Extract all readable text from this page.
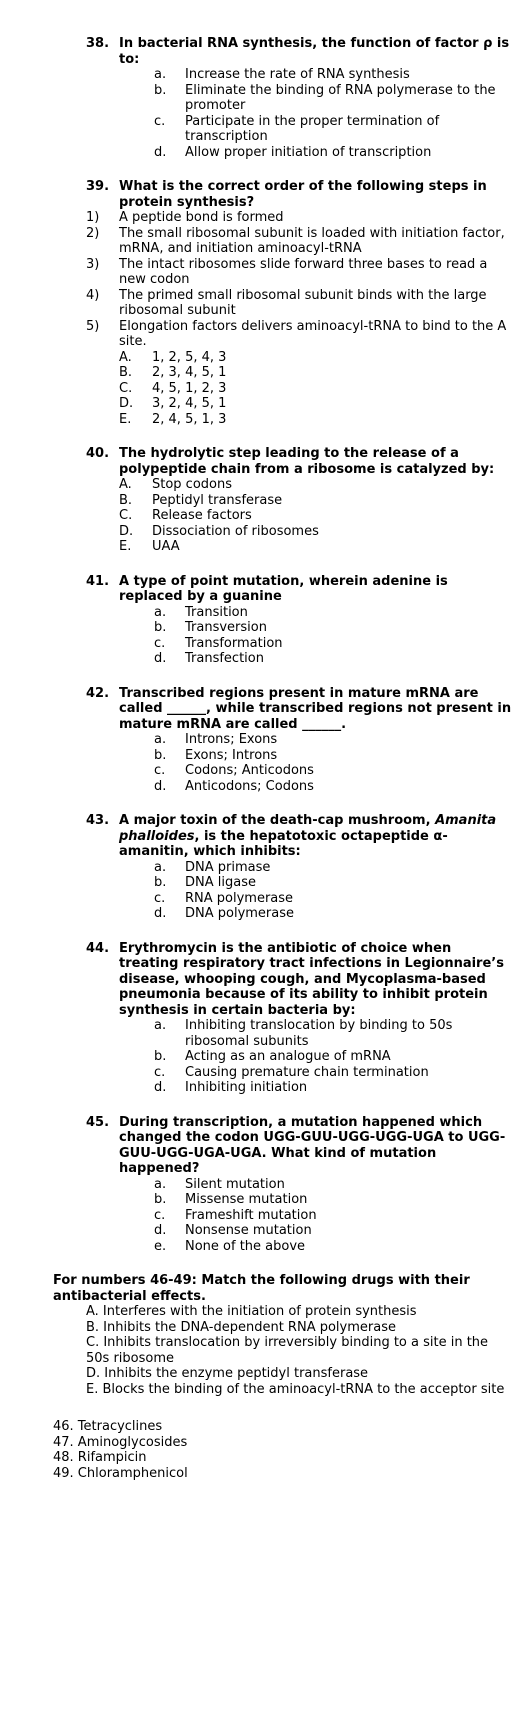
38. In bacterial RNA synthesis, the function of factor ρ is to:
a.	Increase the rate of RNA synthesis
b.	Eliminate the binding of RNA polymerase to the promoter
c.	Participate in the proper termination of transcription
d.	Allow proper initiation of transcription
39. What is the correct order of the following steps in protein synthesis?
1)	A peptide bond is formed
2)	The small ribosomal subunit is loaded with initiation factor, mRNA, and initiation aminoacyl-tRNA
3)	The intact ribosomes slide forward three bases to read a new codon
4)	The primed small ribosomal subunit binds with the large ribosomal subunit
5)	Elongation factors delivers aminoacyl-tRNA to bind to the A site.
A.	1, 2, 5, 4, 3
B.	2, 3, 4, 5, 1
C.	4, 5, 1, 2, 3
D.	3, 2, 4, 5, 1
E.	2, 4, 5, 1, 3
40. The hydrolytic step leading to the release of a polypeptide chain from a ribosome is catalyzed by:
A.	Stop codons
B.	Peptidyl transferase
C.	Release factors
D.	Dissociation of ribosomes
E.	UAA
41. A type of point mutation, wherein adenine is replaced by a guanine
a.	Transition
b.	Transversion
c.	Transformation
d.	Transfection
42. Transcribed regions present in mature mRNA are called ______, while transcribed regions not present in mature mRNA are called ______.
a.	Introns; Exons
b.	Exons; Introns
c.	Codons; Anticodons
d.	Anticodons; Codons
43. A major toxin of the death-cap mushroom, Amanita phalloides, is the hepatotoxic octapeptide α-amanitin, which inhibits:
a.	DNA primase
b.	DNA ligase
c.	RNA polymerase
d.	DNA polymerase
44. Erythromycin is the antibiotic of choice when treating respiratory tract infections in Legionnaire’s disease, whooping cough, and Mycoplasma-based pneumonia because of its ability to inhibit protein synthesis in certain bacteria by:
a.	Inhibiting translocation by binding to 50s ribosomal subunits
b.	Acting as an analogue of mRNA
c.	Causing premature chain termination
d.	Inhibiting initiation
45. During transcription, a mutation happened which changed the codon UGG-GUU-UGG-UGG-UGA to UGG-GUU-UGG-UGA-UGA. What kind of mutation happened?
a.	Silent mutation
b.	Missense mutation
c.	Frameshift mutation
d.	Nonsense mutation
e.	None of the above
For numbers 46-49: Match the following drugs with their antibacterial effects.
A. Interferes with the initiation of protein synthesis
B. Inhibits the DNA-dependent RNA polymerase
C. Inhibits translocation by irreversibly binding to a site in the 50s ribosome
D. Inhibits the enzyme peptidyl transferase
E. Blocks the binding of the aminoacyl-tRNA to the acceptor site
46. Tetracyclines
47. Aminoglycosides
48. Rifampicin
49. Chloramphenicol
